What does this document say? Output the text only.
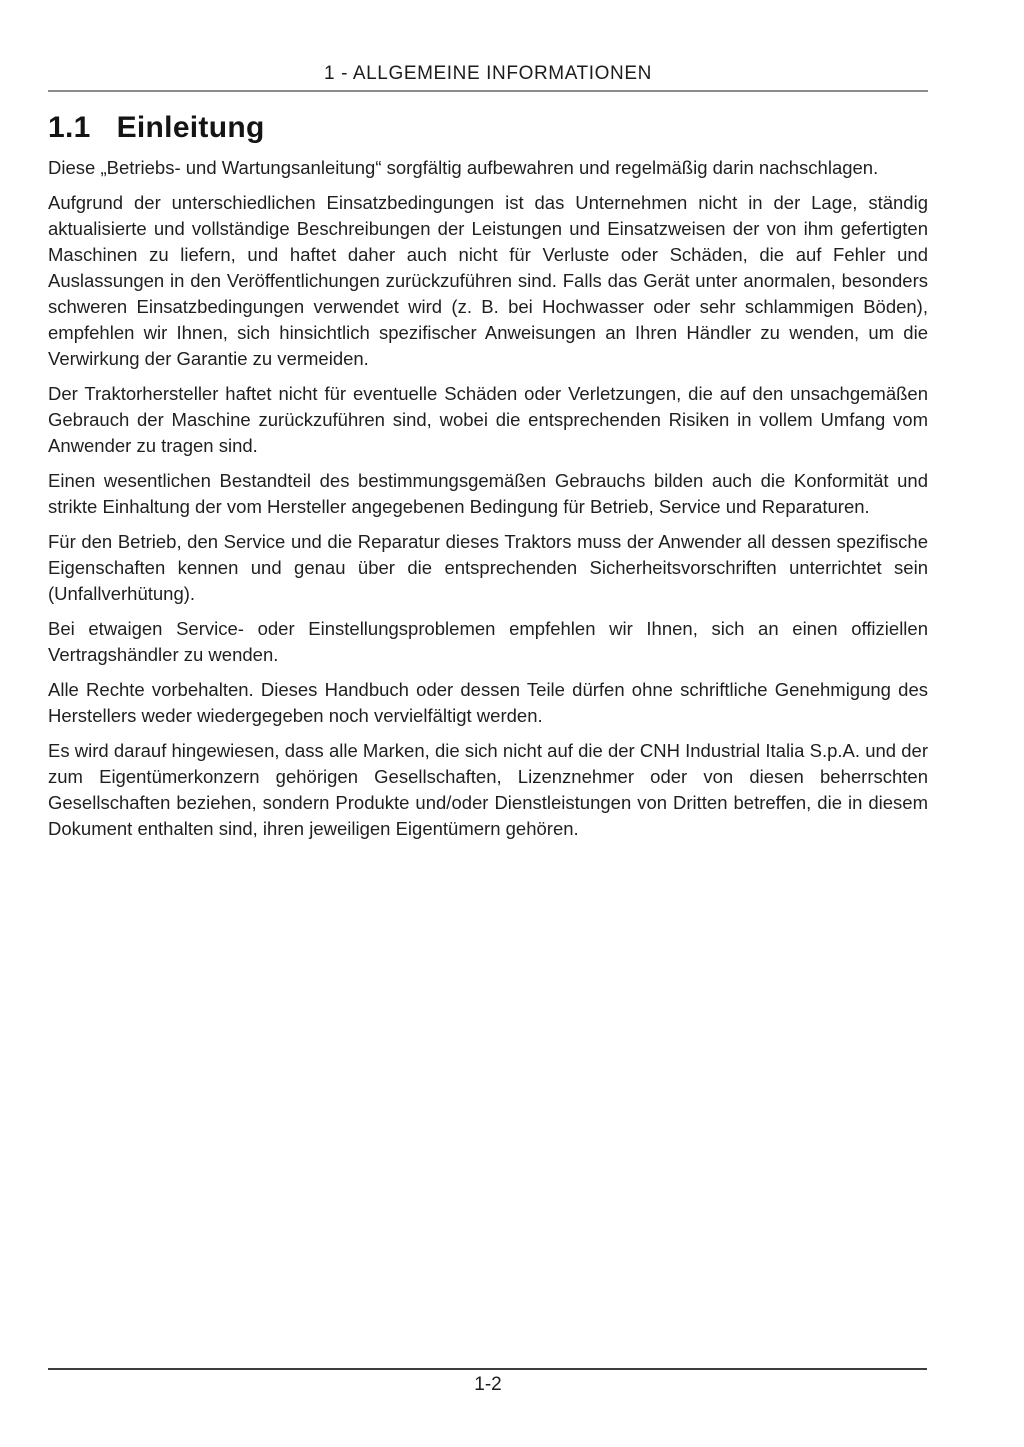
1 - ALLGEMEINE INFORMATIONEN
1.1 Einleitung

Diese „Betriebs- und Wartungsanleitung“ sorgfältig aufbewahren und regelmäßig darin nachschlagen.

Aufgrund der unterschiedlichen Einsatzbedingungen ist das Unternehmen nicht in der Lage, ständig aktualisierte und vollständige Beschreibungen der Leistungen und Einsatzweisen der von ihm gefertigten Maschinen zu liefern, und haftet daher auch nicht für Verluste oder Schäden, die auf Fehler und Auslassungen in den Veröffentlichungen zurückzuführen sind. Falls das Gerät unter anormalen, besonders schweren Einsatzbedingungen verwendet wird (z. B. bei Hochwasser oder sehr schlammigen Böden), empfehlen wir Ihnen, sich hinsichtlich spezifischer Anweisungen an Ihren Händler zu wenden, um die Verwirkung der Garantie zu vermeiden.

Der Traktorhersteller haftet nicht für eventuelle Schäden oder Verletzungen, die auf den unsachgemäßen Gebrauch der Maschine zurückzuführen sind, wobei die entsprechenden Risiken in vollem Umfang vom Anwender zu tragen sind.

Einen wesentlichen Bestandteil des bestimmungsgemäßen Gebrauchs bilden auch die Konformität und strikte Einhaltung der vom Hersteller angegebenen Bedingung für Betrieb, Service und Reparaturen.

Für den Betrieb, den Service und die Reparatur dieses Traktors muss der Anwender all dessen spezifische Eigenschaften kennen und genau über die entsprechenden Sicherheitsvorschriften unterrichtet sein (Unfallverhütung).

Bei etwaigen Service- oder Einstellungsproblemen empfehlen wir Ihnen, sich an einen offiziellen Vertragshändler zu wenden.

Alle Rechte vorbehalten. Dieses Handbuch oder dessen Teile dürfen ohne schriftliche Genehmigung des Herstellers weder wiedergegeben noch vervielfältigt werden.

Es wird darauf hingewiesen, dass alle Marken, die sich nicht auf die der CNH Industrial Italia S.p.A. und der zum Eigentümerkonzern gehörigen Gesellschaften, Lizenznehmer oder von diesen beherrschten Gesellschaften beziehen, sondern Produkte und/oder Dienstleistungen von Dritten betreffen, die in diesem Dokument enthalten sind, ihren jeweiligen Eigentümern gehören.

1-2
